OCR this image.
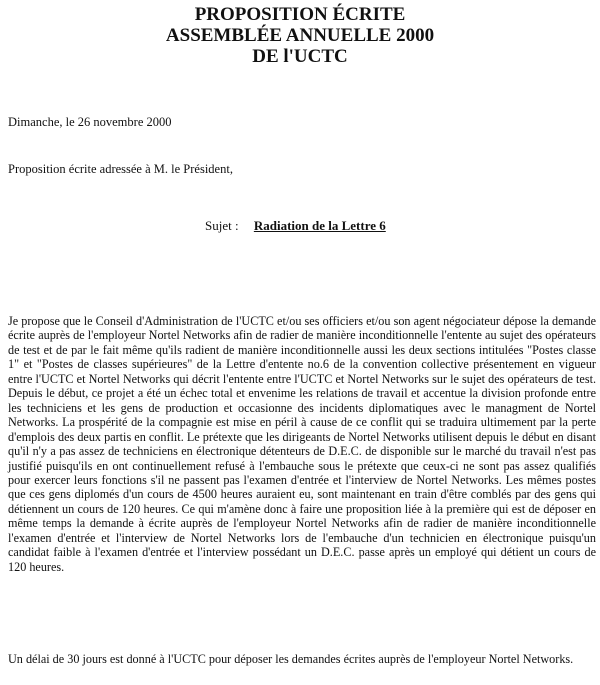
PROPOSITION ÉCRITE
ASSEMBLÉE ANNUELLE 2000
DE l'UCTC
Dimanche, le 26 novembre 2000
Proposition écrite adressée à M. le Président,
Sujet : Radiation de la Lettre 6

Je propose que le Conseil d'Administration de l'UCTC et/ou ses officiers et/ou son agent négociateur dépose la demande écrite auprès de l'employeur Nortel Networks afin de radier de manière inconditionnelle l'entente au sujet des opérateurs de test et de par le fait même qu'ils radient de manière inconditionnelle aussi les deux sections intitulées "Postes classe 1" et "Postes de classes supérieures" de la Lettre d'entente no.6 de la convention collective présentement en vigueur entre l'UCTC et Nortel Networks qui décrit l'entente entre l'UCTC et Nortel Networks sur le sujet des opérateurs de test. Depuis le début, ce projet a été un échec total et envenime les relations de travail et accentue la division profonde entre les techniciens et les gens de production et occasionne des incidents diplomatiques avec le managment de Nortel Networks. La prospérité de la compagnie est mise en péril à cause de ce conflit qui se traduira ultimement par la perte d'emplois des deux partis en conflit. Le prétexte que les dirigeants de Nortel Networks utilisent depuis le début en disant qu'il n'y a pas assez de techniciens en électronique détenteurs de D.E.C. de disponible sur le marché du travail n'est pas justifié puisqu'ils en ont continuellement refusé à l'embauche sous le prétexte que ceux-ci ne sont pas assez qualifiés pour exercer leurs fonctions s'il ne passent pas l'examen d'entrée et l'interview de Nortel Networks. Les mêmes postes que ces gens diplomés d'un cours de 4500 heures auraient eu, sont maintenant en train d'être comblés par des gens qui détiennent un cours de 120 heures. Ce qui m'amène donc à faire une proposition liée à la première qui est de déposer en même temps la demande à écrite auprès de l'employeur Nortel Networks afin de radier de manière inconditionnelle l'examen d'entrée et l'interview de Nortel Networks lors de l'embauche d'un technicien en électronique puisqu'un candidat faible à l'examen d'entrée et l'interview possédant un D.E.C. passe après un employé qui détient un cours de 120 heures.

Un délai de 30 jours est donné à l'UCTC pour déposer les demandes écrites auprès de l'employeur Nortel Networks.
